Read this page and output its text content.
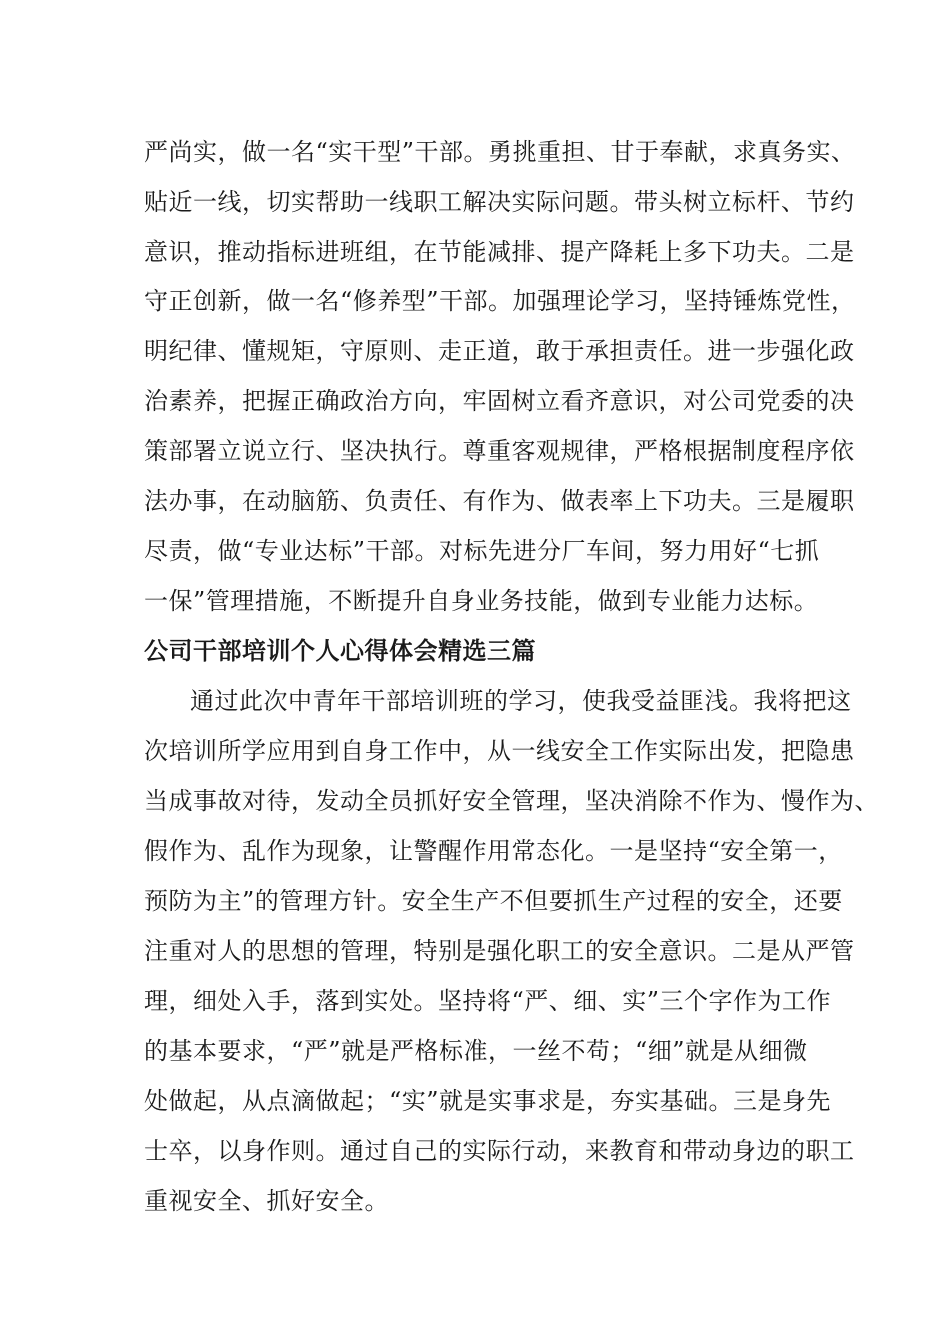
严尚实，做一名“实干型”干部。勇挑重担、甘于奉献，求真务实、

贴近一线，切实帮助一线职工解决实际问题。带头树立标杆、节约

意识，推动指标进班组，在节能减排、提产降耗上多下功夫。二是

守正创新，做一名“修养型”干部。加强理论学习，坚持锤炼党性，

明纪律、懂规矩，守原则、走正道，敢于承担责任。进一步强化政

治素养，把握正确政治方向，牢固树立看齐意识，对公司党委的决

策部署立说立行、坚决执行。尊重客观规律，严格根据制度程序依

法办事，在动脑筋、负责任、有作为、做表率上下功夫。三是履职

尽责，做“专业达标”干部。对标先进分厂车间，努力用好“七抓

一保”管理措施，不断提升自身业务技能，做到专业能力达标。

公司干部培训个人心得体会精选三篇

通过此次中青年干部培训班的学习，使我受益匪浅。我将把这

次培训所学应用到自身工作中，从一线安全工作实际出发，把隐患

当成事故对待，发动全员抓好安全管理，坚决消除不作为、慢作为、

假作为、乱作为现象，让警醒作用常态化。一是坚持“安全第一，

预防为主”的管理方针。安全生产不但要抓生产过程的安全，还要

注重对人的思想的管理，特别是强化职工的安全意识。二是从严管

理，细处入手，落到实处。坚持将“严、细、实”三个字作为工作

的基本要求，“严”就是严格标准，一丝不苟；“细”就是从细微

处做起，从点滴做起；“实”就是实事求是，夯实基础。三是身先

士卒，以身作则。通过自己的实际行动，来教育和带动身边的职工

重视安全、抓好安全。
